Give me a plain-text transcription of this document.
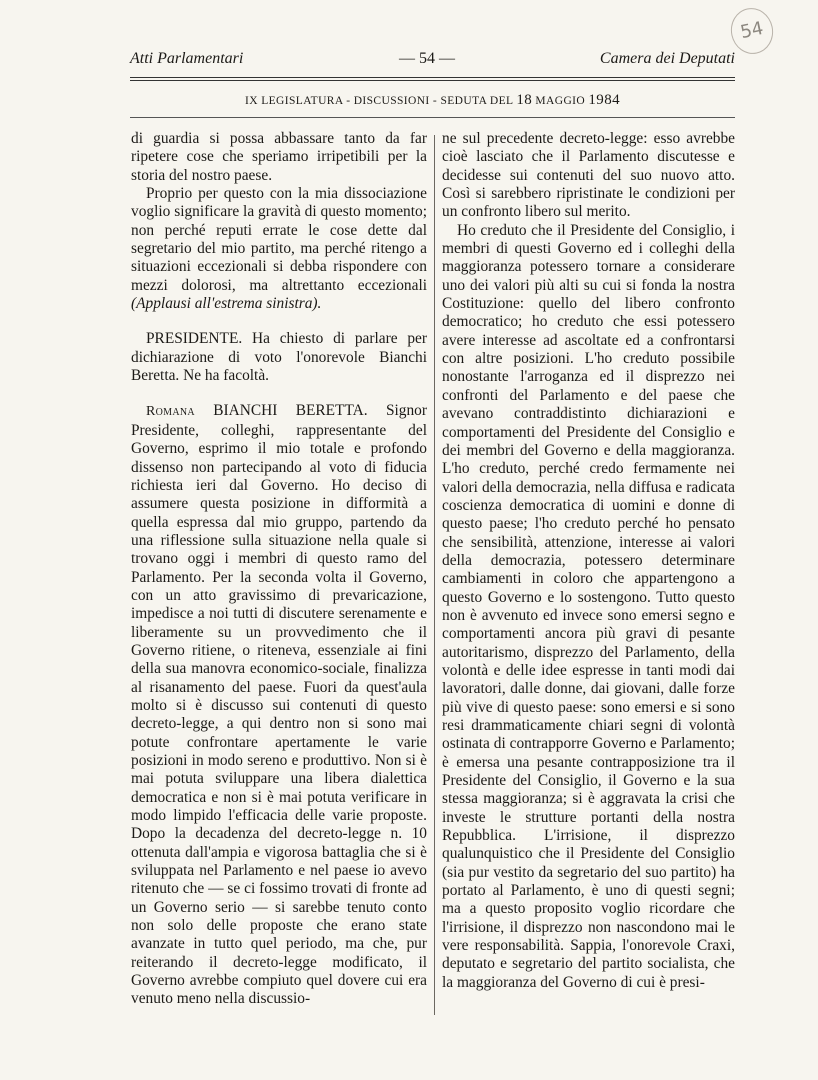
Atti Parlamentari	— 54 —	Camera dei Deputati
IX LEGISLATURA - DISCUSSIONI - SEDUTA DEL 18 MAGGIO 1984
54

di guardia si possa abbassare tanto da far ripetere cose che speriamo irripetibili per la storia del nostro paese.

Proprio per questo con la mia dissociazione voglio significare la gravità di questo momento; non perché reputi errate le cose dette dal segretario del mio partito, ma perché ritengo a situazioni eccezionali si debba rispondere con mezzi dolorosi, ma altrettanto eccezionali (Applausi all'estrema sinistra).

PRESIDENTE. Ha chiesto di parlare per dichiarazione di voto l'onorevole Bianchi Beretta. Ne ha facoltà.

Romana BIANCHI BERETTA. Signor Presidente, colleghi, rappresentante del Governo, esprimo il mio totale e profondo dissenso non partecipando al voto di fiducia richiesta ieri dal Governo. Ho deciso di assumere questa posizione in difformità a quella espressa dal mio gruppo, partendo da una riflessione sulla situazione nella quale si trovano oggi i membri di questo ramo del Parlamento. Per la seconda volta il Governo, con un atto gravissimo di prevaricazione, impedisce a noi tutti di discutere serenamente e liberamente su un provvedimento che il Governo ritiene, o riteneva, essenziale ai fini della sua manovra economico-sociale, finalizza al risanamento del paese. Fuori da quest'aula molto si è discusso sui contenuti di questo decreto-legge, a qui dentro non si sono mai potute confrontare apertamente le varie posizioni in modo sereno e produttivo. Non si è mai potuta sviluppare una libera dialettica democratica e non si è mai potuta verificare in modo limpido l'efficacia delle varie proposte. Dopo la decadenza del decreto-legge n. 10 ottenuta dall'ampia e vigorosa battaglia che si è sviluppata nel Parlamento e nel paese io avevo ritenuto che — se ci fossimo trovati di fronte ad un Governo serio — si sarebbe tenuto conto non solo delle proposte che erano state avanzate in tutto quel periodo, ma che, pur reiterando il decreto-legge modificato, il Governo avrebbe compiuto quel dovere cui era venuto meno nella discussio-

ne sul precedente decreto-legge: esso avrebbe cioè lasciato che il Parlamento discutesse e decidesse sui contenuti del suo nuovo atto. Così si sarebbero ripristinate le condizioni per un confronto libero sul merito.

Ho creduto che il Presidente del Consiglio, i membri di questi Governo ed i colleghi della maggioranza potessero tornare a considerare uno dei valori più alti su cui si fonda la nostra Costituzione: quello del libero confronto democratico; ho creduto che essi potessero avere interesse ad ascoltate ed a confrontarsi con altre posizioni. L'ho creduto possibile nonostante l'arroganza ed il disprezzo nei confronti del Parlamento e del paese che avevano contraddistinto dichiarazioni e comportamenti del Presidente del Consiglio e dei membri del Governo e della maggioranza. L'ho creduto, perché credo fermamente nei valori della democrazia, nella diffusa e radicata coscienza democratica di uomini e donne di questo paese; l'ho creduto perché ho pensato che sensibilità, attenzione, interesse ai valori della democrazia, potessero determinare cambiamenti in coloro che appartengono a questo Governo e lo sostengono. Tutto questo non è avvenuto ed invece sono emersi segno e comportamenti ancora più gravi di pesante autoritarismo, disprezzo del Parlamento, della volontà e delle idee espresse in tanti modi dai lavoratori, dalle donne, dai giovani, dalle forze più vive di questo paese: sono emersi e si sono resi drammaticamente chiari segni di volontà ostinata di contrapporre Governo e Parlamento; è emersa una pesante contrapposizione tra il Presidente del Consiglio, il Governo e la sua stessa maggioranza; si è aggravata la crisi che investe le strutture portanti della nostra Repubblica. L'irrisione, il disprezzo qualunquistico che il Presidente del Consiglio (sia pur vestito da segretario del suo partito) ha portato al Parlamento, è uno di questi segni; ma a questo proposito voglio ricordare che l'irrisione, il disprezzo non nascondono mai le vere responsabilità. Sappia, l'onorevole Craxi, deputato e segretario del partito socialista, che la maggioranza del Governo di cui è presi-
